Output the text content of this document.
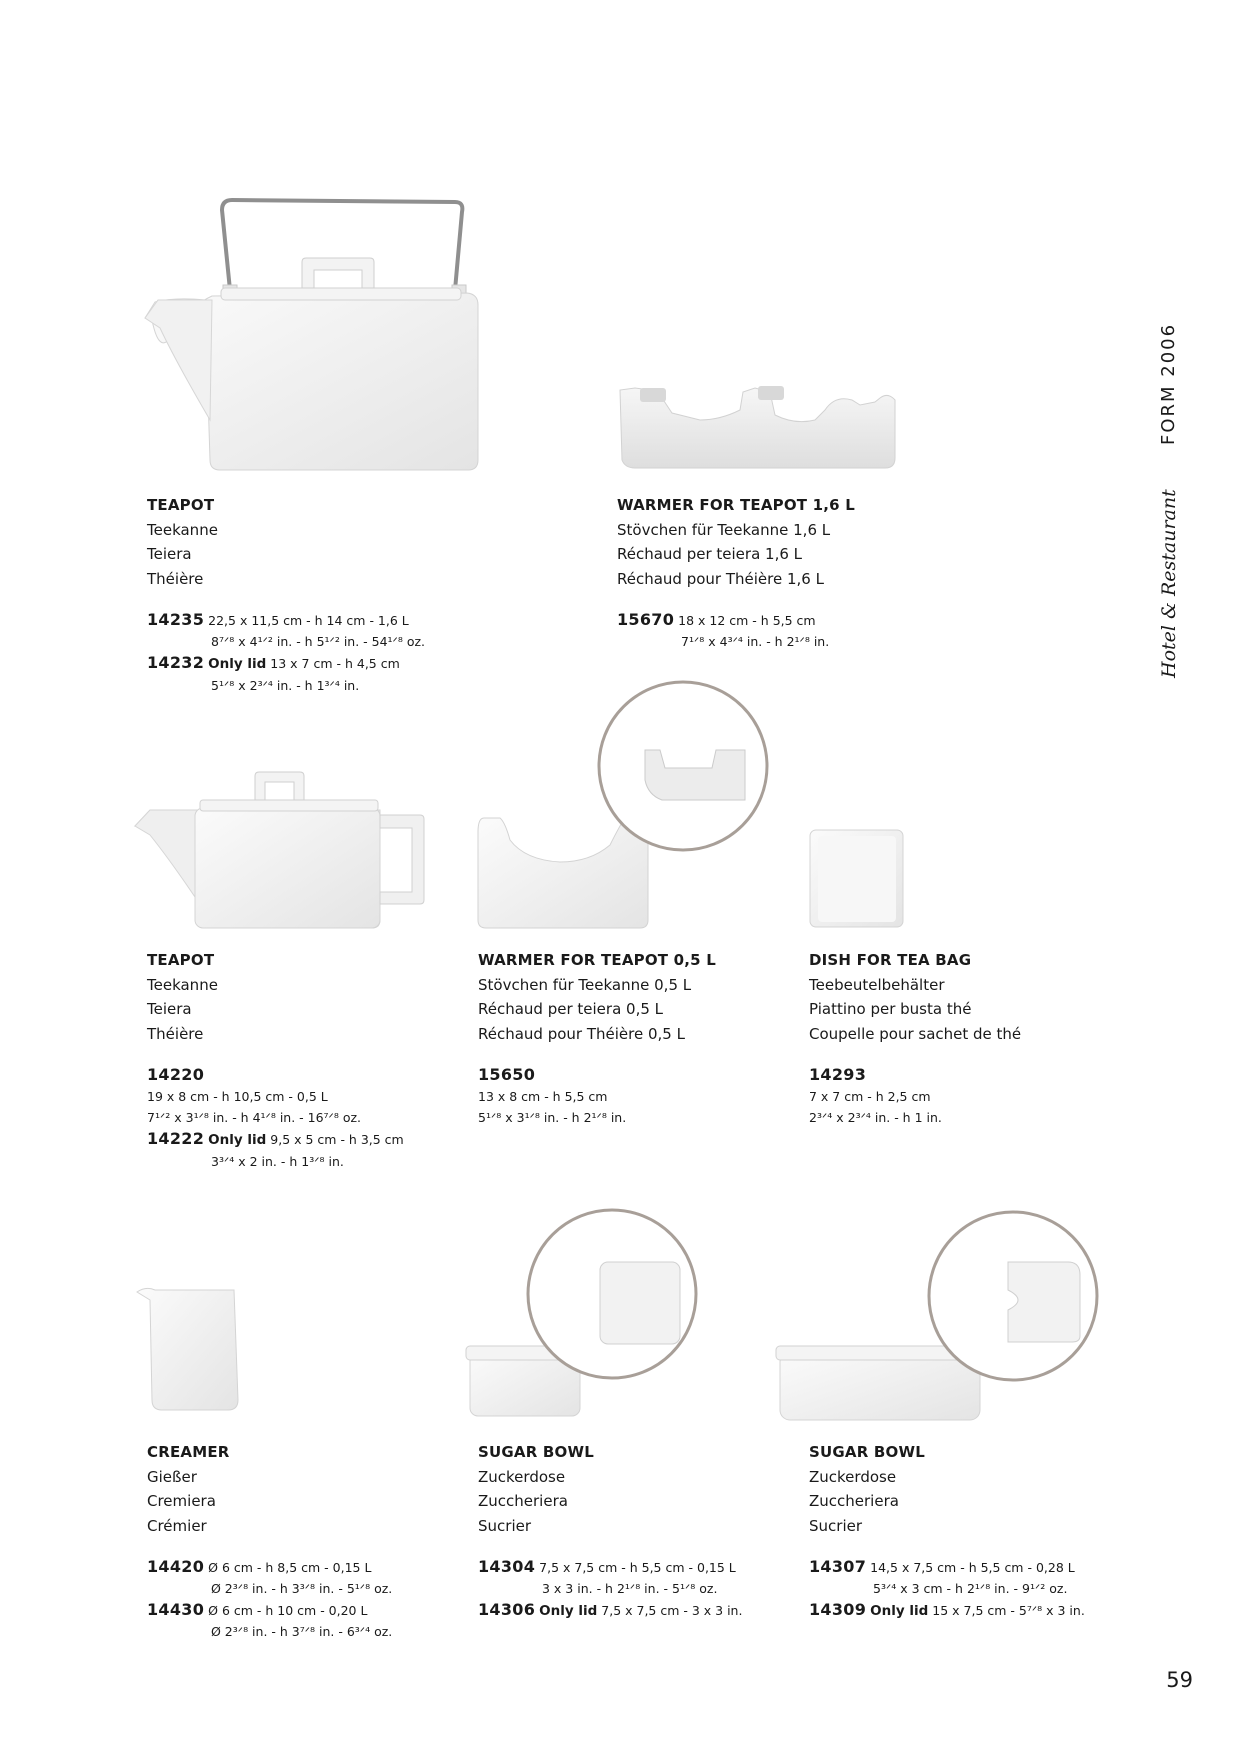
FORM 2006
Hotel & Restaurant
TEAPOT
Teekanne
Teiera
Théière
14235 22,5 x 11,5 cm - h 14 cm - 1,6 L
8⁷ᐟ⁸ x 4¹ᐟ² in. - h 5¹ᐟ² in. - 54¹ᐟ⁸ oz.
14232 Only lid 13 x 7 cm - h 4,5 cm
5¹ᐟ⁸ x 2³ᐟ⁴ in. - h 1³ᐟ⁴ in.
WARMER FOR TEAPOT 1,6 L
Stövchen für Teekanne 1,6 L
Réchaud per teiera 1,6 L
Réchaud pour Théière 1,6 L
15670 18 x 12 cm - h 5,5 cm
7¹ᐟ⁸ x 4³ᐟ⁴ in. - h 2¹ᐟ⁸ in.
TEAPOT
Teekanne
Teiera
Théière
14220
19 x 8 cm - h 10,5 cm - 0,5 L
7¹ᐟ² x 3¹ᐟ⁸ in. - h 4¹ᐟ⁸ in. - 16⁷ᐟ⁸ oz.
14222 Only lid 9,5 x 5 cm - h 3,5 cm
3³ᐟ⁴ x 2 in. - h 1³ᐟ⁸ in.
WARMER FOR TEAPOT 0,5 L
Stövchen für Teekanne 0,5 L
Réchaud per teiera 0,5 L
Réchaud pour Théière 0,5 L
15650
13 x 8 cm - h 5,5 cm
5¹ᐟ⁸ x 3¹ᐟ⁸ in. - h 2¹ᐟ⁸ in.
DISH FOR TEA BAG
Teebeutelbehälter
Piattino per busta thé
Coupelle pour sachet de thé
14293
7 x 7 cm - h 2,5 cm
2³ᐟ⁴ x 2³ᐟ⁴ in. - h 1 in.
CREAMER
Gießer
Cremiera
Crémier
14420 Ø 6 cm - h 8,5 cm - 0,15 L
Ø 2³ᐟ⁸ in. - h 3³ᐟ⁸ in. - 5¹ᐟ⁸ oz.
14430 Ø 6 cm - h 10 cm - 0,20 L
Ø 2³ᐟ⁸ in. - h 3⁷ᐟ⁸ in. - 6³ᐟ⁴ oz.
SUGAR BOWL
Zuckerdose
Zuccheriera
Sucrier
14304 7,5 x 7,5 cm - h 5,5 cm - 0,15 L
3 x 3 in. - h 2¹ᐟ⁸ in. - 5¹ᐟ⁸ oz.
14306 Only lid 7,5 x 7,5 cm - 3 x 3 in.
SUGAR BOWL
Zuckerdose
Zuccheriera
Sucrier
14307 14,5 x 7,5 cm - h 5,5 cm - 0,28 L
5³ᐟ⁴ x 3 cm - h 2¹ᐟ⁸ in. - 9¹ᐟ² oz.
14309 Only lid 15 x 7,5 cm - 5⁷ᐟ⁸ x 3 in.
59
